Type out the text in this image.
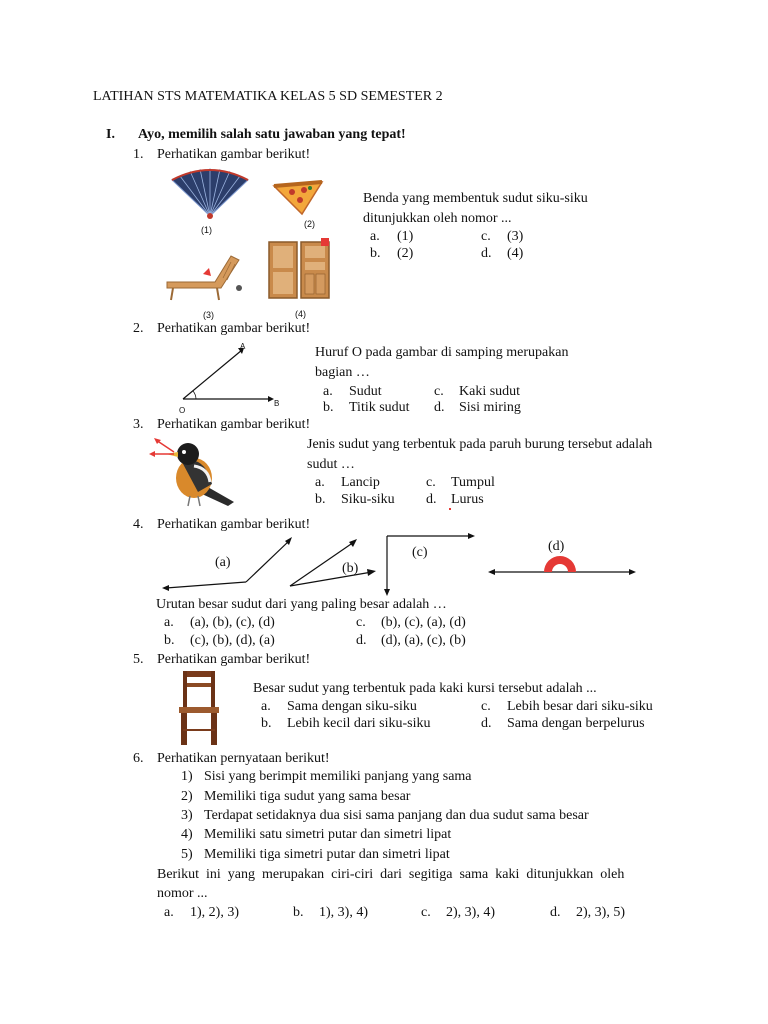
LATIHAN STS MATEMATIKA KELAS 5 SD SEMESTER 2
I. Ayo, memilih salah satu jawaban yang tepat!
1. Perhatikan gambar berikut!
(1)
(2)
(3)	(4)
Benda yang membentuk sudut siku-siku
ditunjukkan oleh nomor ...
a. (1)	c. (3)
b. (2)	d. (4)
2. Perhatikan gambar berikut!
A
O
B
Huruf O pada gambar di samping merupakan
bagian …
a. Sudut	c. Kaki sudut
b. Titik sudut d. Sisi miring
3. Perhatikan gambar berikut!
Jenis sudut yang terbentuk pada paruh burung tersebut adalah
sudut …
a. Lancip	c. Tumpul
b. Siku-siku d. Lurus
4. Perhatikan gambar berikut!
(a)	(b)
(c)	(d)
Urutan besar sudut dari yang paling besar adalah …
a. (a), (b), (c), (d)	c. (b), (c), (a), (d)
b. (c), (b), (d), (a)	d. (d), (a), (c), (b)
5. Perhatikan gambar berikut!
Besar sudut yang terbentuk pada kaki kursi tersebut adalah ...
a. Sama dengan siku-siku	c. Lebih besar dari siku-siku
b. Lebih kecil dari siku-siku	d. Sama dengan berpelurus
6. Perhatikan pernyataan berikut!
1) Sisi yang berimpit memiliki panjang yang sama
2) Memiliki tiga sudut yang sama besar
3) Terdapat setidaknya dua sisi sama panjang dan dua sudut sama besar
4) Memiliki satu simetri putar dan simetri lipat
5) Memiliki tiga simetri putar dan simetri lipat
Berikut ini yang merupakan ciri-ciri dari segitiga sama kaki ditunjukkan oleh
nomor ...
a. 1), 2), 3)	b. 1), 3), 4)	c. 2), 3), 4)	d. 2), 3), 5)
